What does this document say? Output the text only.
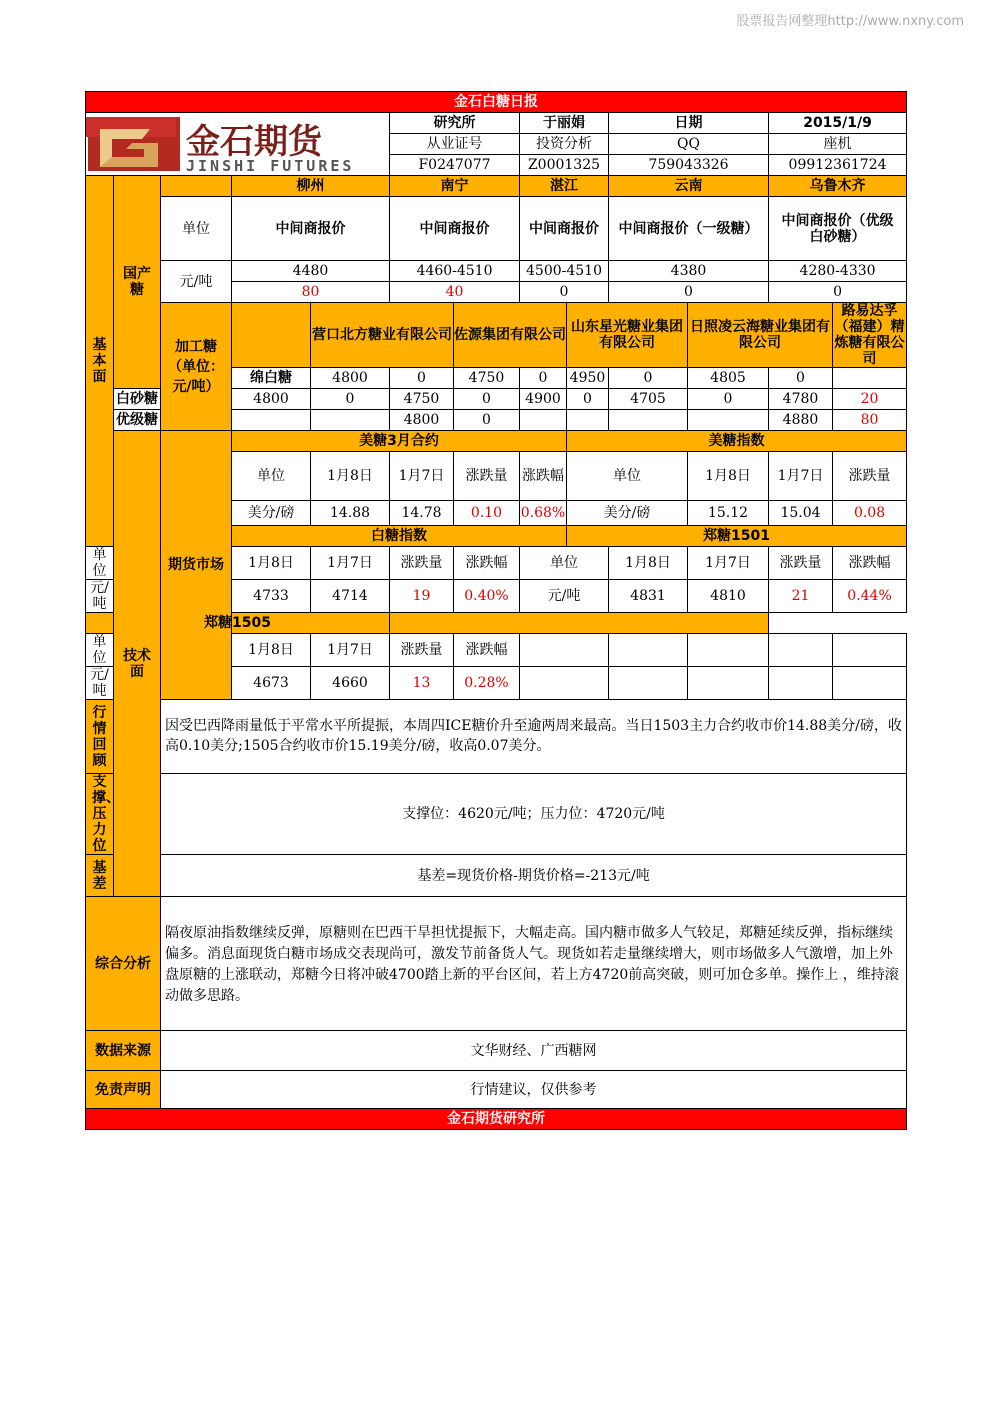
股票报告网整理http://www.nxny.com
金石白糖日报													

金石期货
JINSHI FUTURES					研究所		于丽娟		日期		2015/1/9		
					从业证号		投资分析		QQ		座机		
					F0247077		Z0001325		759043326		09912361724		
基本面	国产糖		柳州		南宁		湛江		云南		乌鲁木齐		
		单位	中间商报价		中间商报价		中间商报价		中间商报价（一级糖）		中间商报价（优级白砂糖）		
		元/吨	4480		4460-4510		4500-4510		4380		4280-4330		
			80		40		0		0		0		
		加工糖（单位：元/吨）		营口北方糖业有限公司		佐源集团有限公司		山东星光糖业集团有限公司		日照凌云海糖业集团有限公司		路易达孚（福建）精炼糖有限公司	
			绵白糖	4800	0	4750	0	4950	0	4805	0		
	白砂糖		4800	0	4750	0	4900	0	4705	0	4780	20	
	优级糖				4800	0					4880	80	
	技术面	期货市场	美糖3月合约					美糖指数					
			单位	1月8日	1月7日	涨跌量	涨跌幅	单位		1月8日	1月7日	涨跌量	
			美分/磅	14.88	14.78	0.10	0.68%	美分/磅		15.12	15.04	0.08	
			白糖指数					郑糖1501					
单位			1月8日	1月7日	涨跌量	涨跌幅	单位		1月8日	1月7日	涨跌量	涨跌幅	
元/吨			4733	4714	19	0.40%	元/吨		4831	4810	21	0.44%	
郑糖1505													
单位			1月8日	1月7日	涨跌量	涨跌幅							
元/吨			4673	4660	13	0.28%							
行情回顾		因受巴西降雨量低于平常水平所提振，本周四ICE糖价升至逾两周来最高。当日1503主力合约收市价14.88美分/磅，收高0.10美分;1505合约收市价15.19美分/磅，收高0.07美分。											
支撑、压力位		支撑位：4620元/吨；压力位：4720元/吨											
基差		基差=现货价格-期货价格=-213元/吨											
综合分析		隔夜原油指数继续反弹，原糖则在巴西干旱担忧提振下，大幅走高。国内糖市做多人气较足，郑糖延续反弹，指标继续偏多。消息面现货白糖市场成交表现尚可，激发节前备货人气。现货如若走量继续增大，则市场做多人气激增，加上外盘原糖的上涨联动，郑糖今日将冲破4700踏上新的平台区间，若上方4720前高突破，则可加仓多单。操作上 ，维持滚动做多思路。											
数据来源		文华财经、广西糖网											
免责声明		行情建议，仅供参考											
金石期货研究所													
